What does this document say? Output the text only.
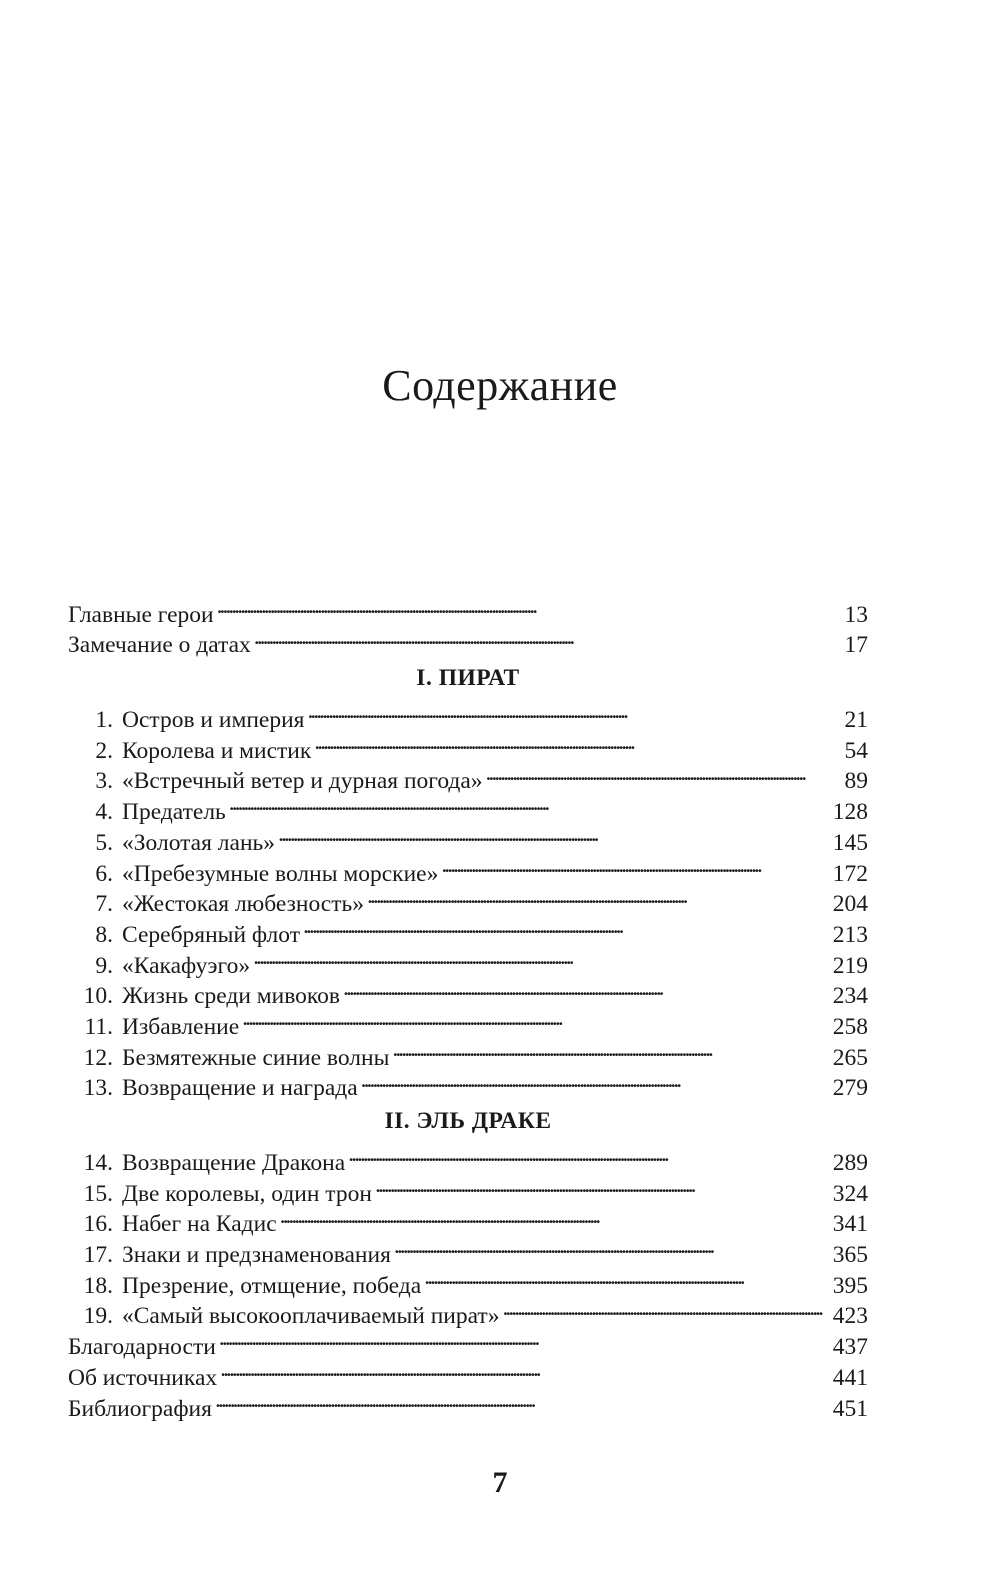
Содержание
Главные герои . . .	13
Замечание о датах . . .	17
I. ПИРАТ
1. Остров и империя . . .	21
2. Королева и мистик . . .	54
3. «Встречный ветер и дурная погода» . . .	89
4. Предатель . . .	128
5. «Золотая лань» . . .	145
6. «Пребезумные волны морские» . . .	172
7. «Жестокая любезность» . . .	204
8. Серебряный флот . . .	213
9. «Какафуэго» . . .	219
10. Жизнь среди мивоков . . .	234
11. Избавление . . .	258
12. Безмятежные синие волны . . .	265
13. Возвращение и награда . . .	279
II. ЭЛЬ ДРАКЕ
14. Возвращение Дракона . . .	289
15. Две королевы, один трон . . .	324
16. Набег на Кадис . . .	341
17. Знаки и предзнаменования . . .	365
18. Презрение, отмщение, победа . . .	395
19. «Самый высокооплачиваемый пират» . . .	423
Благодарности . . .	437
Об источниках . . .	441
Библиография . . .	451
7
